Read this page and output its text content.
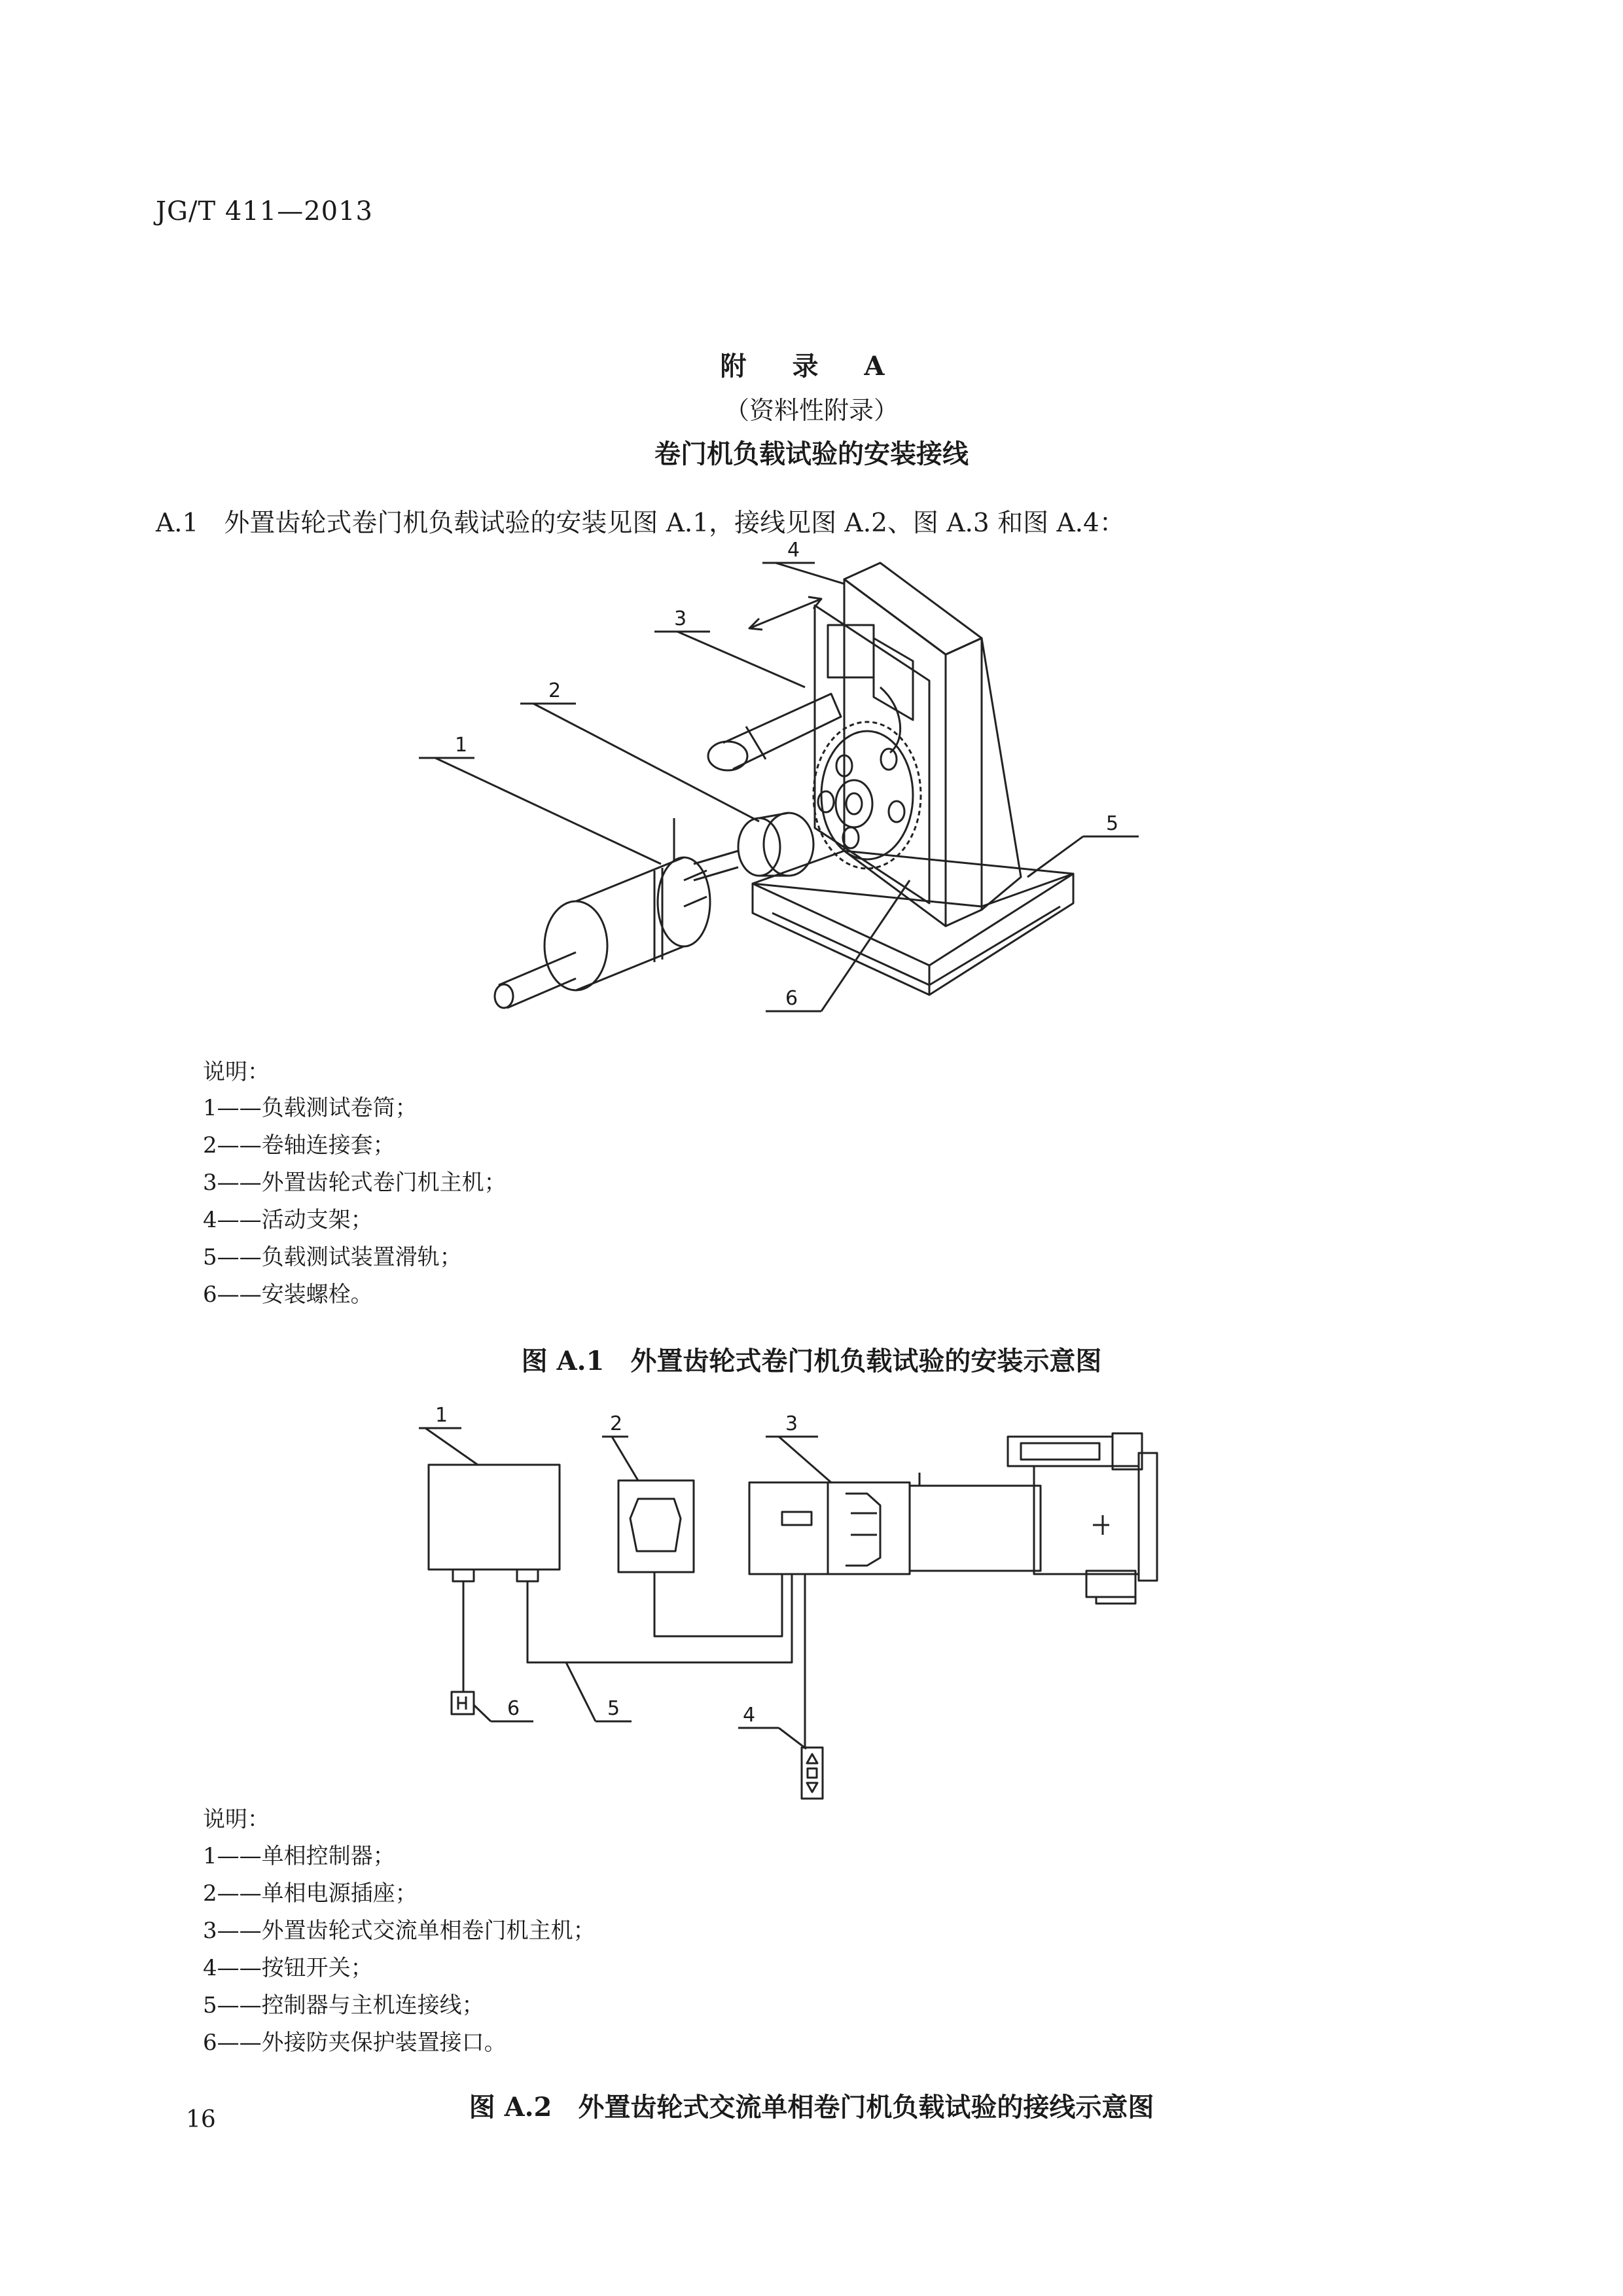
JG/T 411—2013
附 录 A
（资料性附录）
卷门机负载试验的安装接线
A.1　外置齿轮式卷门机负载试验的安装见图 A.1，接线见图 A.2、图 A.3 和图 A.4：
1
2
3
4
5
6
1	2	3
4
5
6
说明：
1——负载测试卷筒；
2——卷轴连接套；
3——外置齿轮式卷门机主机；
4——活动支架；
5——负载测试装置滑轨；
6——安装螺栓。
图 A.1　外置齿轮式卷门机负载试验的安装示意图
说明：
1——单相控制器；
2——单相电源插座；
3——外置齿轮式交流单相卷门机主机；
4——按钮开关；
5——控制器与主机连接线；
6——外接防夹保护装置接口。
图 A.2　外置齿轮式交流单相卷门机负载试验的接线示意图
16
